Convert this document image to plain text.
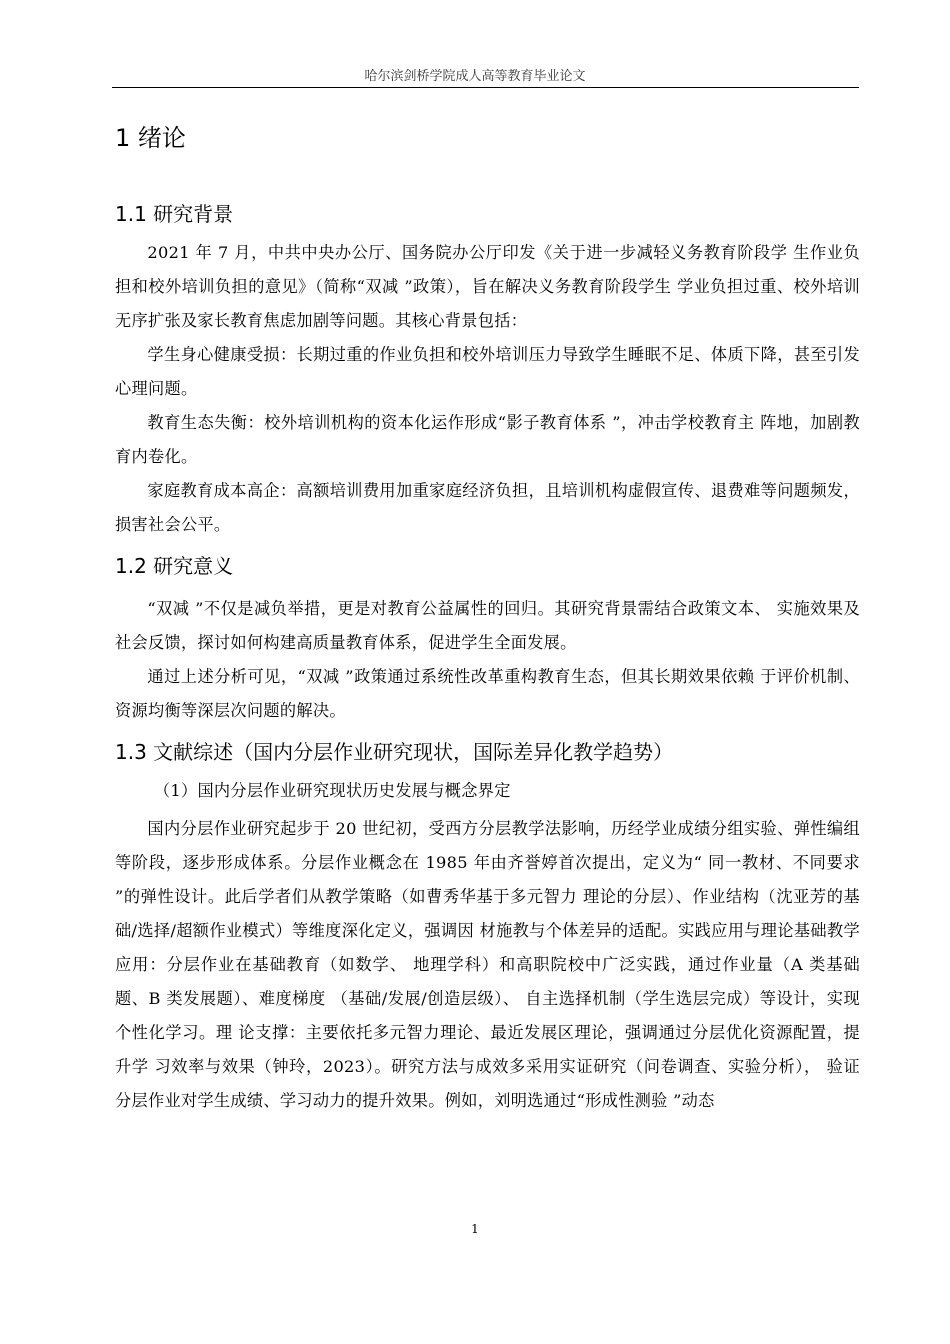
哈尔滨剑桥学院成人高等教育毕业论文
1 绪论
1.1 研究背景

2021 年 7 月，中共中央办公厅、国务院办公厅印发《关于进一步减轻义务教育阶段学 生作业负担和校外培训负担的意见》（简称“双减 ”政策），旨在解决义务教育阶段学生 学业负担过重、校外培训无序扩张及家长教育焦虑加剧等问题。其核心背景包括：

学生身心健康受损：长期过重的作业负担和校外培训压力导致学生睡眠不足、体质下降，甚至引发心理问题。

教育生态失衡：校外培训机构的资本化运作形成“影子教育体系 ”，冲击学校教育主 阵地，加剧教育内卷化。

家庭教育成本高企：高额培训费用加重家庭经济负担，且培训机构虚假宣传、退费难等问题频发，损害社会公平。

1.2 研究意义

“双减 ”不仅是减负举措，更是对教育公益属性的回归。其研究背景需结合政策文本、 实施效果及社会反馈，探讨如何构建高质量教育体系，促进学生全面发展。

通过上述分析可见，“双减 ”政策通过系统性改革重构教育生态，但其长期效果依赖 于评价机制、资源均衡等深层次问题的解决。

1.3 文献综述（国内分层作业研究现状，国际差异化教学趋势）

（1）国内分层作业研究现状历史发展与概念界定

国内分层作业研究起步于 20 世纪初，受西方分层教学法影响，历经学业成绩分组实验、弹性编组等阶段，逐步形成体系。分层作业概念在 1985 年由齐誉婷首次提出，定义为“ 同一教材、不同要求 ”的弹性设计。此后学者们从教学策略（如曹秀华基于多元智力 理论的分层）、作业结构（沈亚芳的基础/选择/超额作业模式）等维度深化定义，强调因 材施教与个体差异的适配。实践应用与理论基础教学应用：分层作业在基础教育（如数学、 地理学科）和高职院校中广泛实践，通过作业量（A 类基础题、B 类发展题）、难度梯度 （基础/发展/创造层级）、 自主选择机制（学生选层完成）等设计，实现个性化学习。理 论支撑：主要依托多元智力理论、最近发展区理论，强调通过分层优化资源配置，提升学 习效率与效果（钟玲，2023）。研究方法与成效多采用实证研究（问卷调查、实验分析）， 验证分层作业对学生成绩、学习动力的提升效果。例如，刘明选通过“形成性测验 ”动态

1
